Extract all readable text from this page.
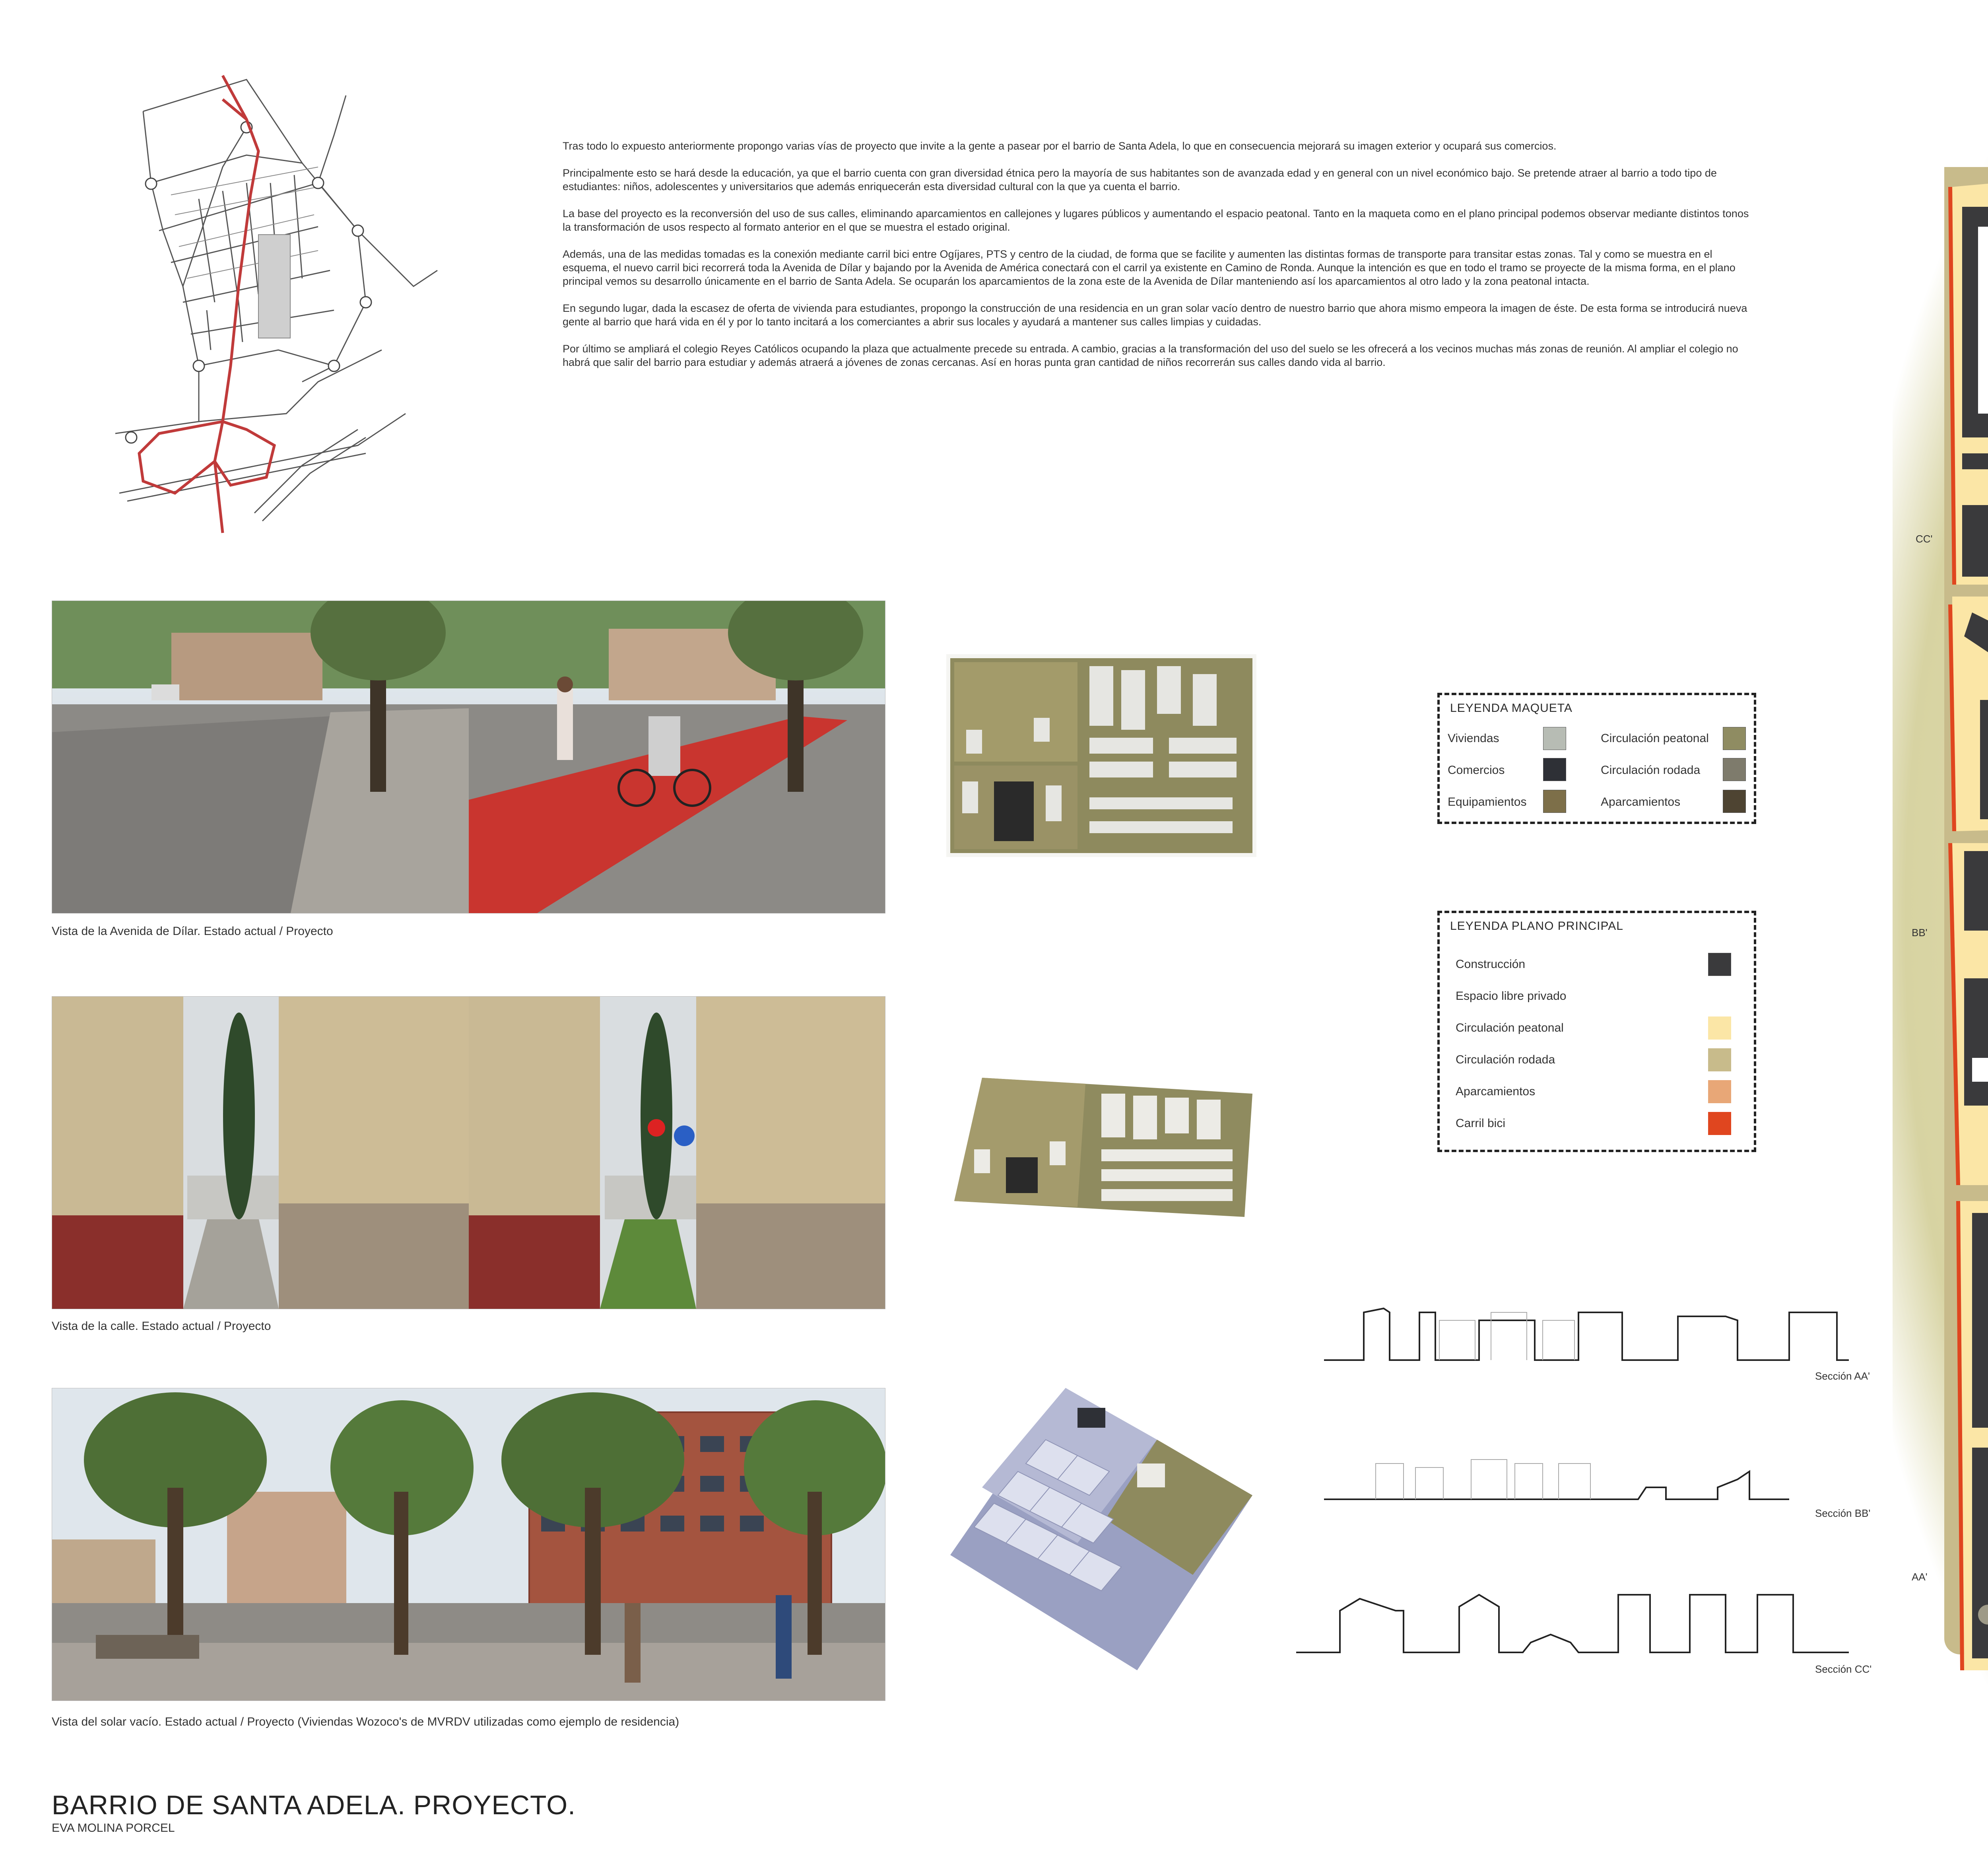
Tras todo lo expuesto anteriormente propongo varias vías de proyecto que invite a la gente a pasear por el barrio de Santa Adela, lo que en consecuencia mejorará su imagen exterior y ocupará sus comercios.

Principalmente esto se hará desde la educación, ya que el barrio cuenta con gran diversidad étnica pero la mayoría de sus habitantes son de avanzada edad y en general con un nivel económico bajo. Se pretende atraer al barrio a todo tipo de estudiantes: niños, adolescentes y universitarios que además enriquecerán esta diversidad cultural con la que ya cuenta el barrio.

La base del proyecto es la reconversión del uso de sus calles, eliminando aparcamientos en callejones y lugares públicos y aumentando el espacio peatonal. Tanto en la maqueta como en el plano principal podemos observar mediante distintos tonos la transformación de usos respecto al formato anterior en el que se muestra el estado original.

Además, una de las medidas tomadas es la conexión mediante carril bici entre Ogíjares, PTS y centro de la ciudad, de forma que se facilite y aumenten las distintas formas de transporte para transitar estas zonas. Tal y como se muestra en el esquema, el nuevo carril bici recorrerá toda la Avenida de Dílar y bajando por la Avenida de América conectará con el carril ya existente en Camino de Ronda. Aunque la intención es que en todo el tramo se proyecte de la misma forma, en el plano principal vemos su desarrollo únicamente en el barrio de Santa Adela. Se ocuparán los aparcamientos de la zona este de la Avenida de Dílar manteniendo así los aparcamientos al otro lado y la zona peatonal intacta.

En segundo lugar, dada la escasez de oferta de vivienda para estudiantes, propongo la construcción de una residencia en un gran solar vacío dentro de nuestro barrio que ahora mismo empeora la imagen de éste. De esta forma se introducirá nueva gente al barrio que hará vida en él y por lo tanto incitará a los comerciantes a abrir sus locales y ayudará a mantener sus calles limpias y cuidadas.

Por último se ampliará el colegio Reyes Católicos ocupando la plaza que actualmente precede su entrada. A cambio, gracias a la transformación del uso del suelo se les ofrecerá a los vecinos muchas más zonas de reunión. Al ampliar el colegio no habrá que salir del barrio para estudiar y además atraerá a jóvenes de zonas cercanas. Así en horas punta gran cantidad de niños recorrerán sus calles dando vida al barrio.

Vista de la Avenida de Dílar. Estado actual / Proyecto
Vista de la calle. Estado actual / Proyecto
Vista del solar vacío. Estado actual / Proyecto (Viviendas Wozoco's de MVRDV utilizadas como ejemplo de residencia)
LEYENDA MAQUETA
Viviendas
Comercios
Equipamientos
Circulación peatonal
Circulación rodada
Aparcamientos
LEYENDA PLANO PRINCIPAL
Construcción
Espacio libre privado
Circulación peatonal
Circulación rodada
Aparcamientos
Carril bici
Sección AA'
Sección BB'
Sección CC'
CC'
BB'
AA'
BARRIO DE SANTA ADELA. PROYECTO.
EVA MOLINA PORCEL
